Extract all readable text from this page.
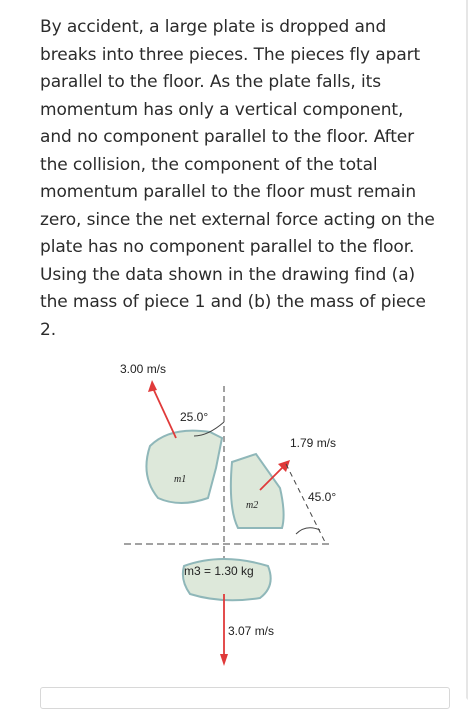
By accident, a large plate is dropped and breaks into three pieces. The pieces fly apart parallel to the floor. As the plate falls, its momentum has only a vertical component, and no component parallel to the floor. After the collision, the component of the total momentum parallel to the floor must remain zero, since the net external force acting on the plate has no component parallel to the floor. Using the data shown in the drawing find (a) the mass of piece 1 and (b) the mass of piece 2.
3.00 m/s
25.0°
1.79 m/s
45.0°
m1
m2
m3 = 1.30 kg
3.07 m/s
